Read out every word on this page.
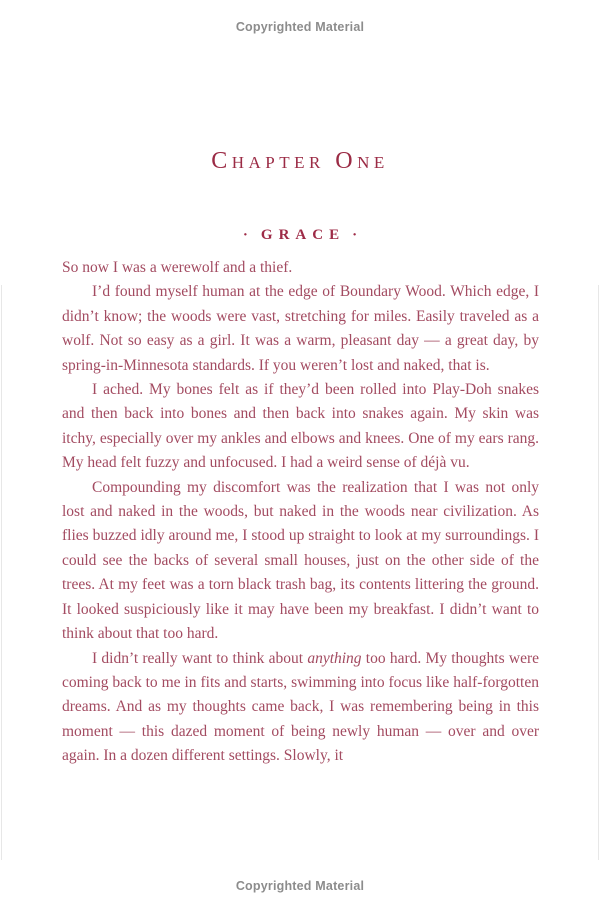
Copyrighted Material
Chapter One
· GRACE ·

So now I was a werewolf and a thief.

I’d found myself human at the edge of Boundary Wood. Which edge, I didn’t know; the woods were vast, stretching for miles. Easily traveled as a wolf. Not so easy as a girl. It was a warm, pleasant day — a great day, by spring-in-Minnesota standards. If you weren’t lost and naked, that is.

I ached. My bones felt as if they’d been rolled into Play-Doh snakes and then back into bones and then back into snakes again. My skin was itchy, especially over my ankles and elbows and knees. One of my ears rang. My head felt fuzzy and unfocused. I had a weird sense of déjà vu.

Compounding my discomfort was the realization that I was not only lost and naked in the woods, but naked in the woods near civilization. As flies buzzed idly around me, I stood up straight to look at my surroundings. I could see the backs of several small houses, just on the other side of the trees. At my feet was a torn black trash bag, its contents littering the ground. It looked suspiciously like it may have been my breakfast. I didn’t want to think about that too hard.

I didn’t really want to think about anything too hard. My thoughts were coming back to me in fits and starts, swimming into focus like half-forgotten dreams. And as my thoughts came back, I was remembering being in this moment — this dazed moment of being newly human — over and over again. In a dozen different settings. Slowly, it

Copyrighted Material
